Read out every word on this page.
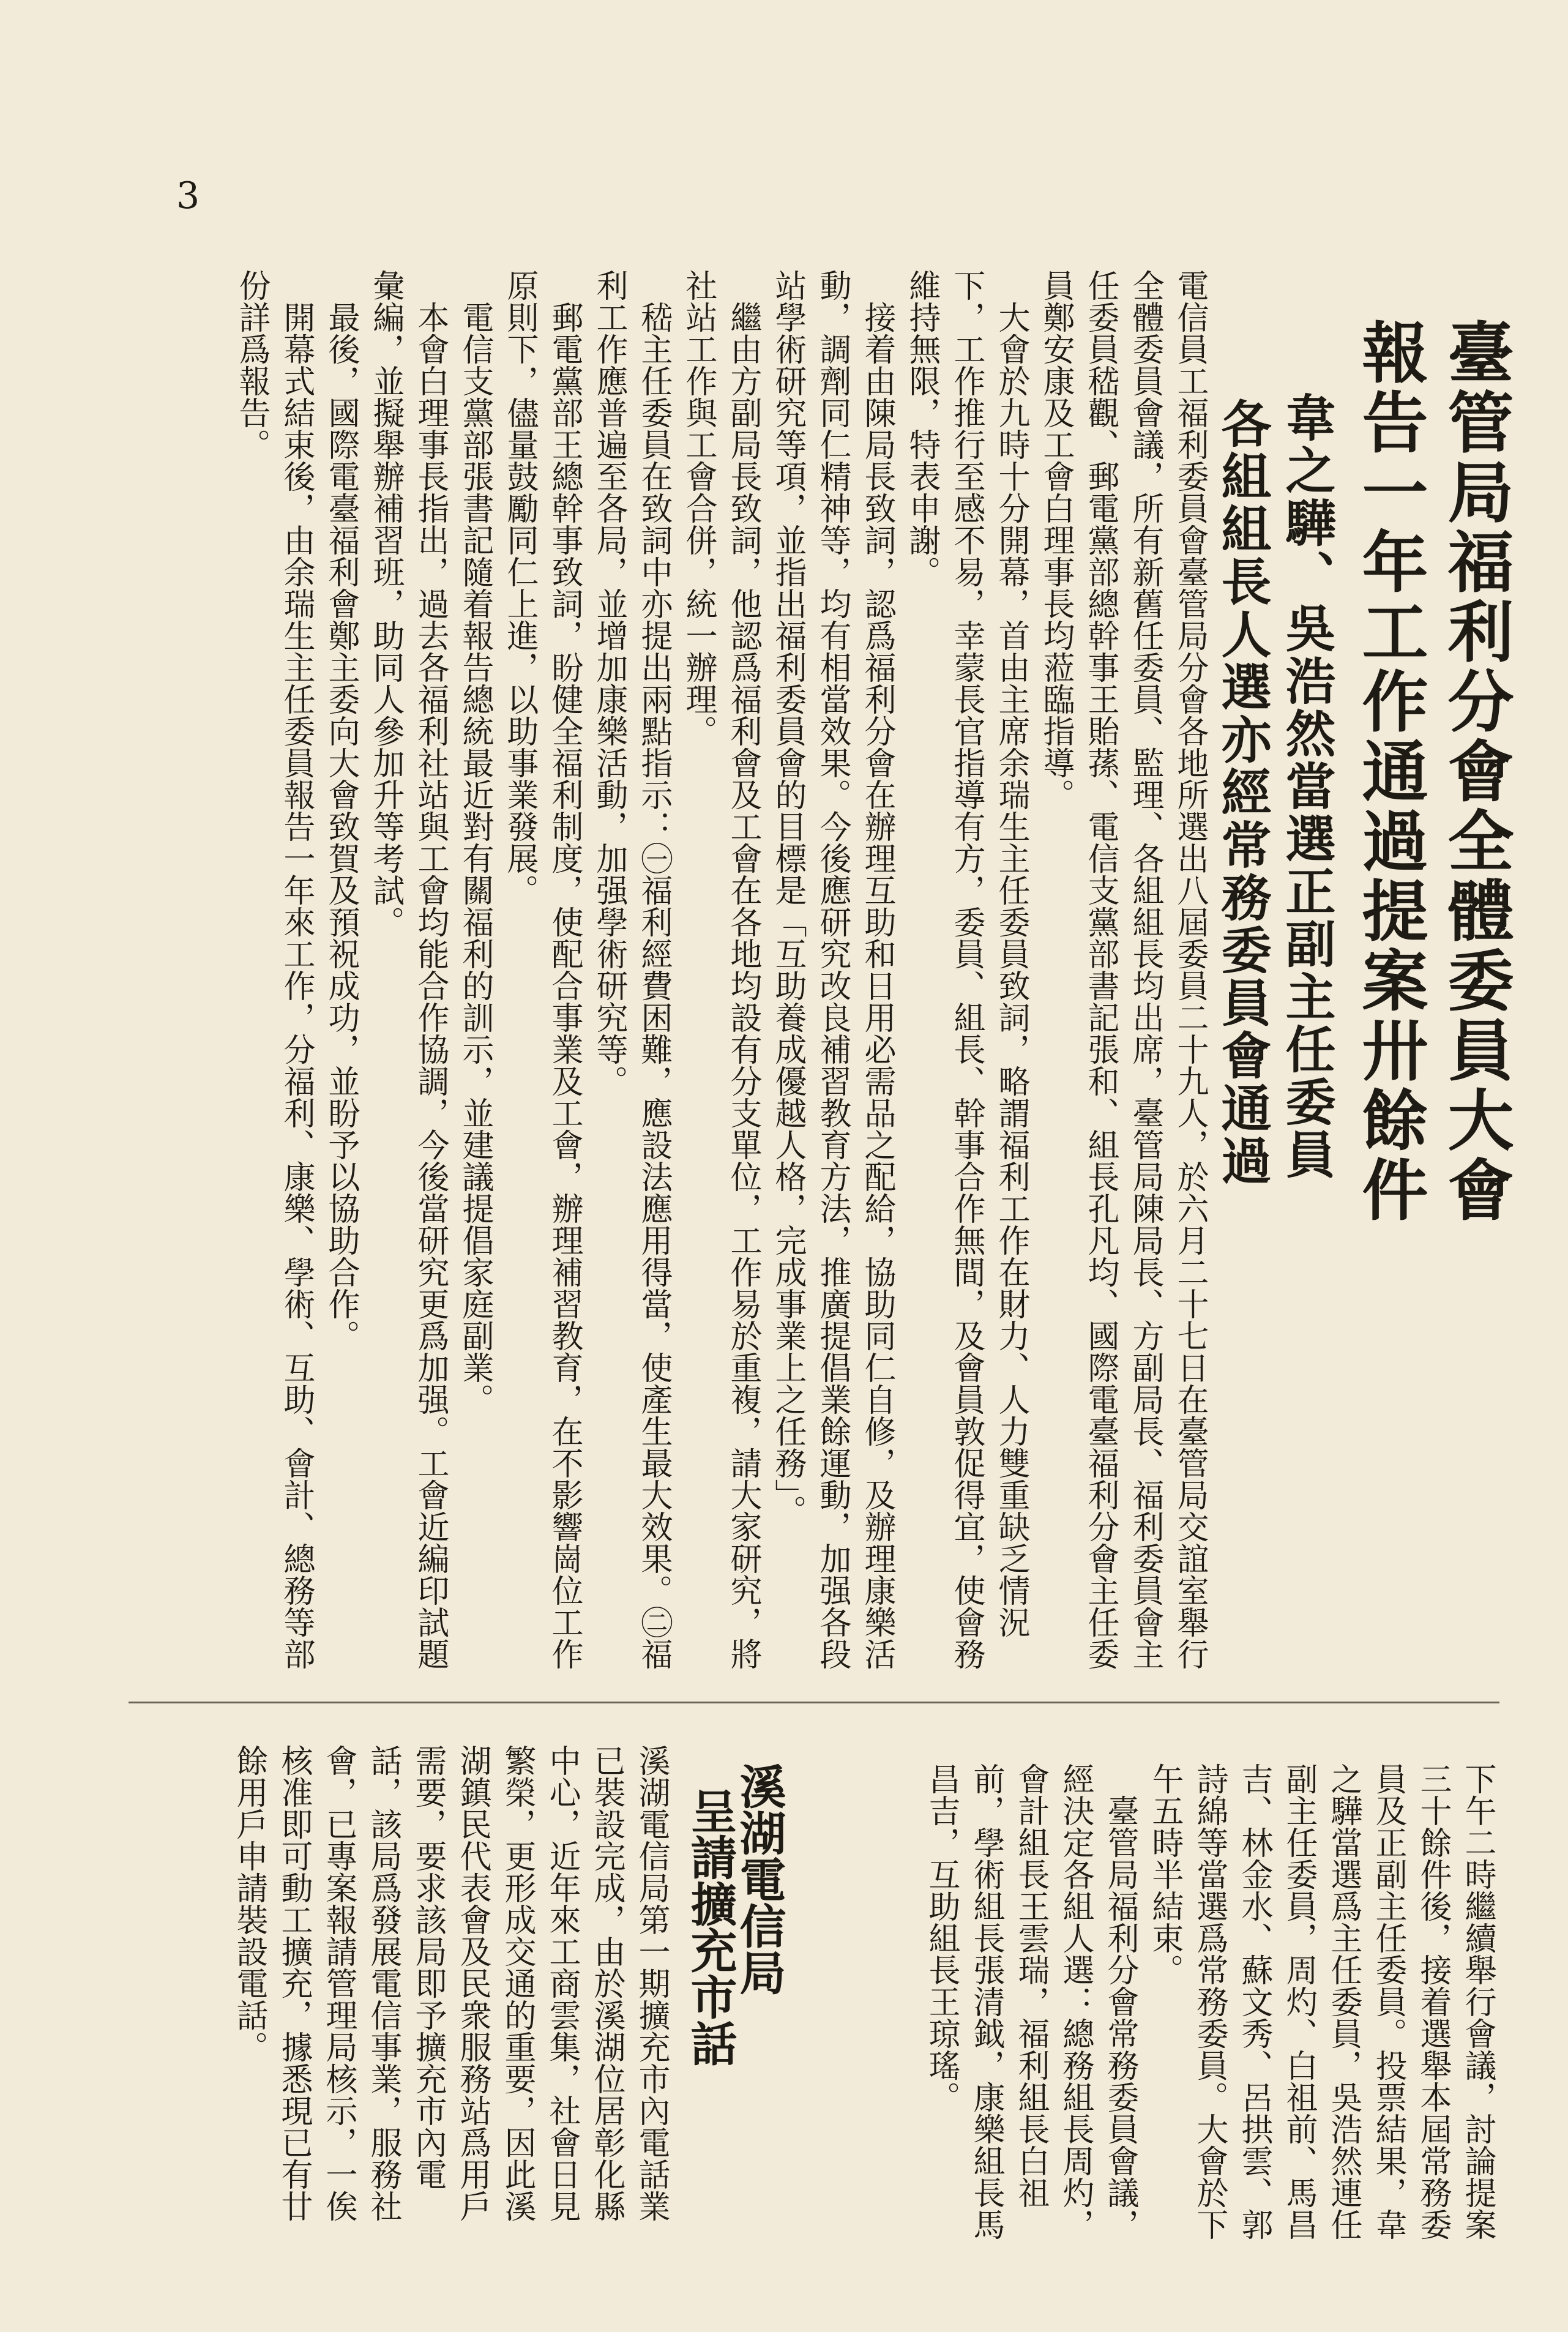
3
臺管局福利分會全體委員大會
報告一年工作通過提案卅餘件
韋之驊、吳浩然當選正副主任委員
各組組長人選亦經常務委員會通過
電信員工福利委員會臺管局分會各地所選出八屆委員二十九人，於六月二十七日在臺管局交誼室舉行全體委員會議，所有新舊任委員、監理、各組組長均出席，臺管局陳局長、方副局長、福利委員會主任委員嵇觀、郵電黨部總幹事王貽蓀、電信支黨部書記張和、組長孔凡均、國際電臺福利分會主任委員鄭安康及工會白理事長均蒞臨指導。
　大會於九時十分開幕，首由主席余瑞生主任委員致詞，略謂福利工作在財力、人力雙重缺乏情況下，工作推行至感不易，幸蒙長官指導有方，委員、組長、幹事合作無間，及會員敦促得宜，使會務維持無限，特表申謝。
　接着由陳局長致詞，認爲福利分會在辦理互助和日用必需品之配給，協助同仁自修，及辦理康樂活動，調劑同仁精神等，均有相當效果。今後應研究改良補習教育方法，推廣提倡業餘運動，加强各段站學術研究等項，並指出福利委員會的目標是「互助養成優越人格，完成事業上之任務」。
　繼由方副局長致詞，他認爲福利會及工會在各地均設有分支單位，工作易於重複，請大家研究，將社站工作與工會合併，統一辦理。
　嵇主任委員在致詞中亦提出兩點指示：㊀福利經費困難，應設法應用得當，使產生最大效果。㊁福利工作應普遍至各局，並增加康樂活動，加强學術研究等。
　郵電黨部王總幹事致詞，盼健全福利制度，使配合事業及工會，辦理補習教育，在不影響崗位工作原則下，儘量鼓勵同仁上進，以助事業發展。
　電信支黨部張書記隨着報告總統最近對有關福利的訓示，並建議提倡家庭副業。
　本會白理事長指出，過去各福利社站與工會均能合作協調，今後當研究更爲加强。工會近編印試題彙編，並擬舉辦補習班，助同人參加升等考試。
　最後，國際電臺福利會鄭主委向大會致賀及預祝成功，並盼予以協助合作。
　開幕式結束後，由余瑞生主任委員報告一年來工作，分福利、康樂、學術、互助、會計、總務等部份詳爲報告。
下午二時繼續舉行會議，討論提案三十餘件後，接着選舉本屆常務委員及正副主任委員。投票結果，韋之驊當選爲主任委員，吳浩然連任副主任委員，周灼、白祖前、馬昌吉、林金水、蘇文秀、呂拱雲、郭詩綿等當選爲常務委員。大會於下午五時半結束。
　臺管局福利分會常務委員會議，經決定各組人選：總務組長周灼，會計組長王雲瑞，福利組長白祖前，學術組長張清鉞，康樂組長馬昌吉，互助組長王琼瑤。
溪湖電信局
呈請擴充市話
溪湖電信局第一期擴充市內電話業已裝設完成，由於溪湖位居彰化縣中心，近年來工商雲集，社會日見繁榮，更形成交通的重要，因此溪湖鎮民代表會及民衆服務站爲用戶需要，要求該局即予擴充市內電話，該局爲發展電信事業，服務社會，已專案報請管理局核示，一俟核准即可動工擴充，據悉現已有廿餘用戶申請裝設電話。
